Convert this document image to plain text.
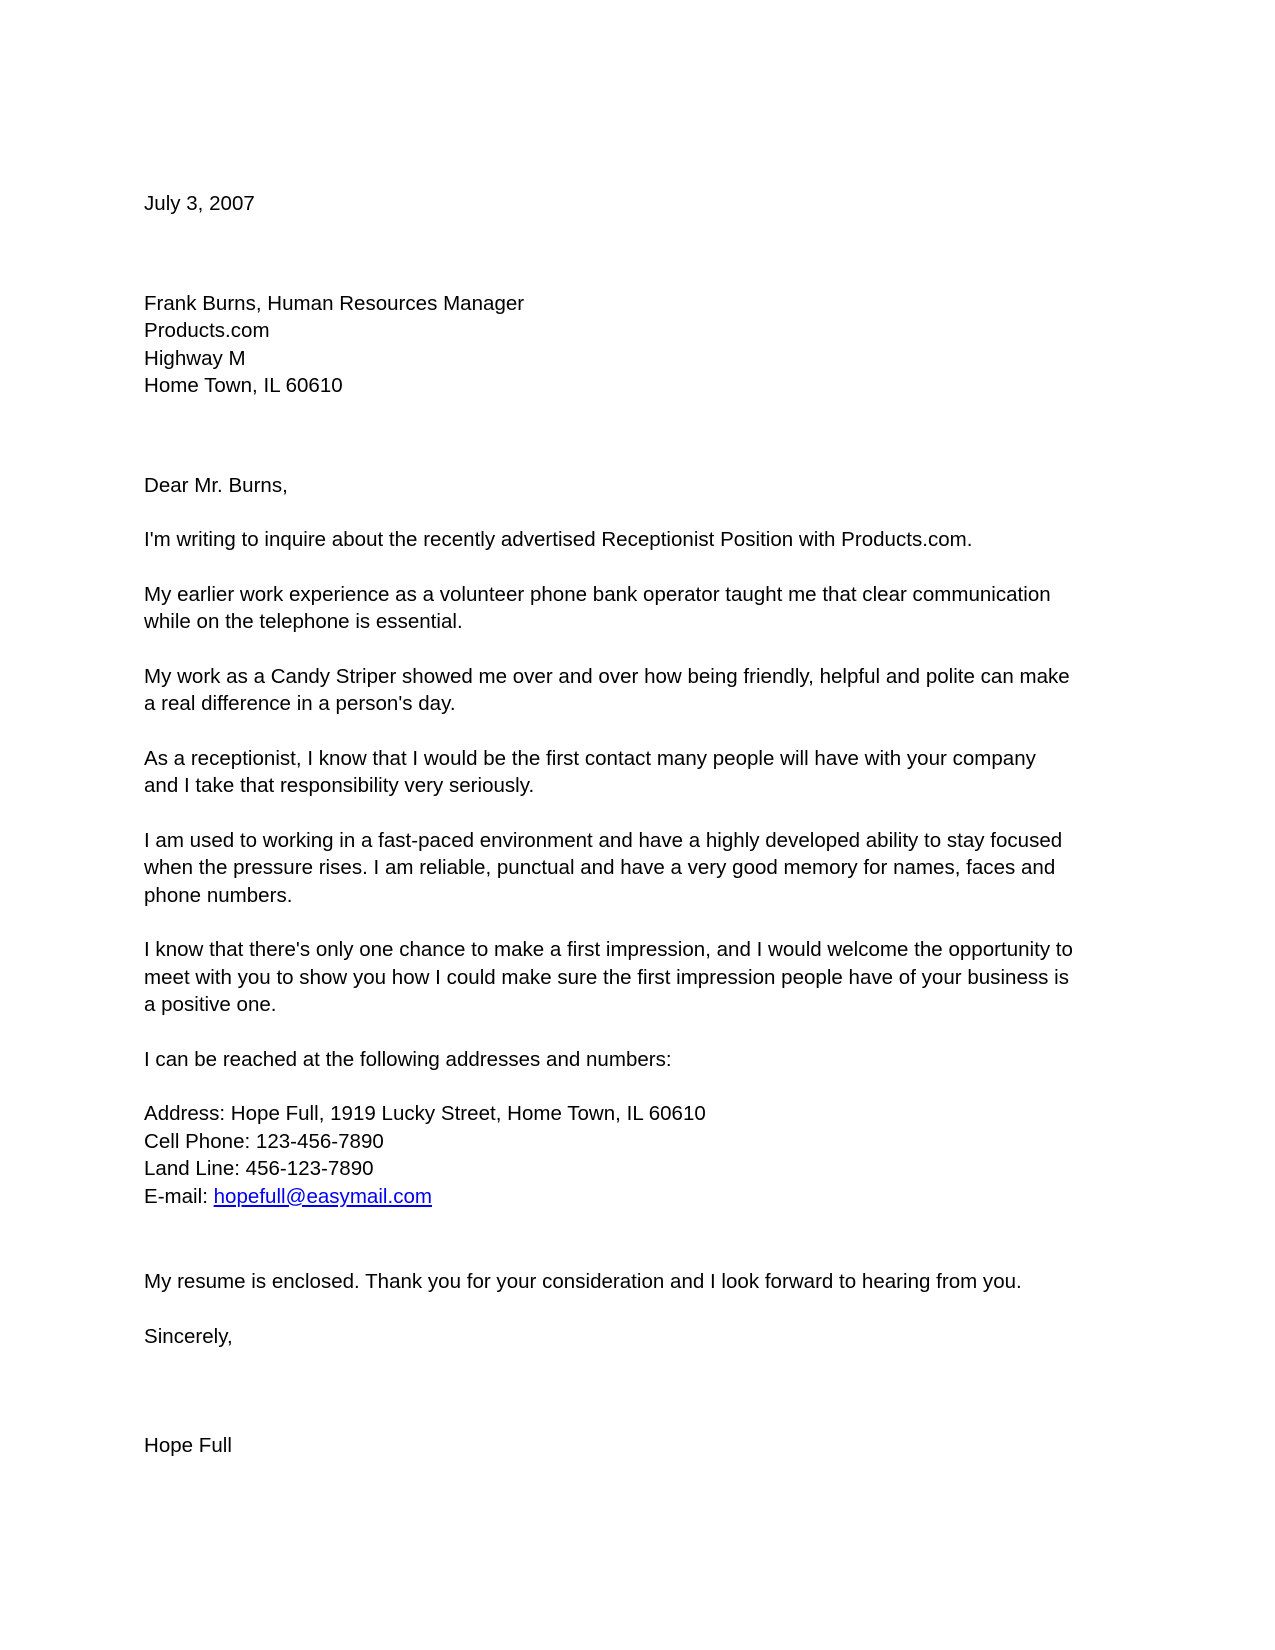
July 3, 2007
Frank Burns, Human Resources Manager
Products.com
Highway M
Home Town, IL 60610
Dear Mr. Burns,

I'm writing to inquire about the recently advertised Receptionist Position with Products.com.

My earlier work experience as a volunteer phone bank operator taught me that clear communication while on the telephone is essential.

My work as a Candy Striper showed me over and over how being friendly, helpful and polite can make a real difference in a person's day.

As a receptionist, I know that I would be the first contact many people will have with your company and I take that responsibility very seriously.

I am used to working in a fast-paced environment and have a highly developed ability to stay focused when the pressure rises. I am reliable, punctual and have a very good memory for names, faces and phone numbers.

I know that there's only one chance to make a first impression, and I would welcome the opportunity to meet with you to show you how I could make sure the first impression people have of your business is a positive one.

I can be reached at the following addresses and numbers:

Address: Hope Full, 1919 Lucky Street, Home Town, IL 60610
Cell Phone: 123-456-7890
Land Line: 456-123-7890
E-mail: hopefull@easymail.com

My resume is enclosed. Thank you for your consideration and I look forward to hearing from you.

Sincerely,
Hope Full
